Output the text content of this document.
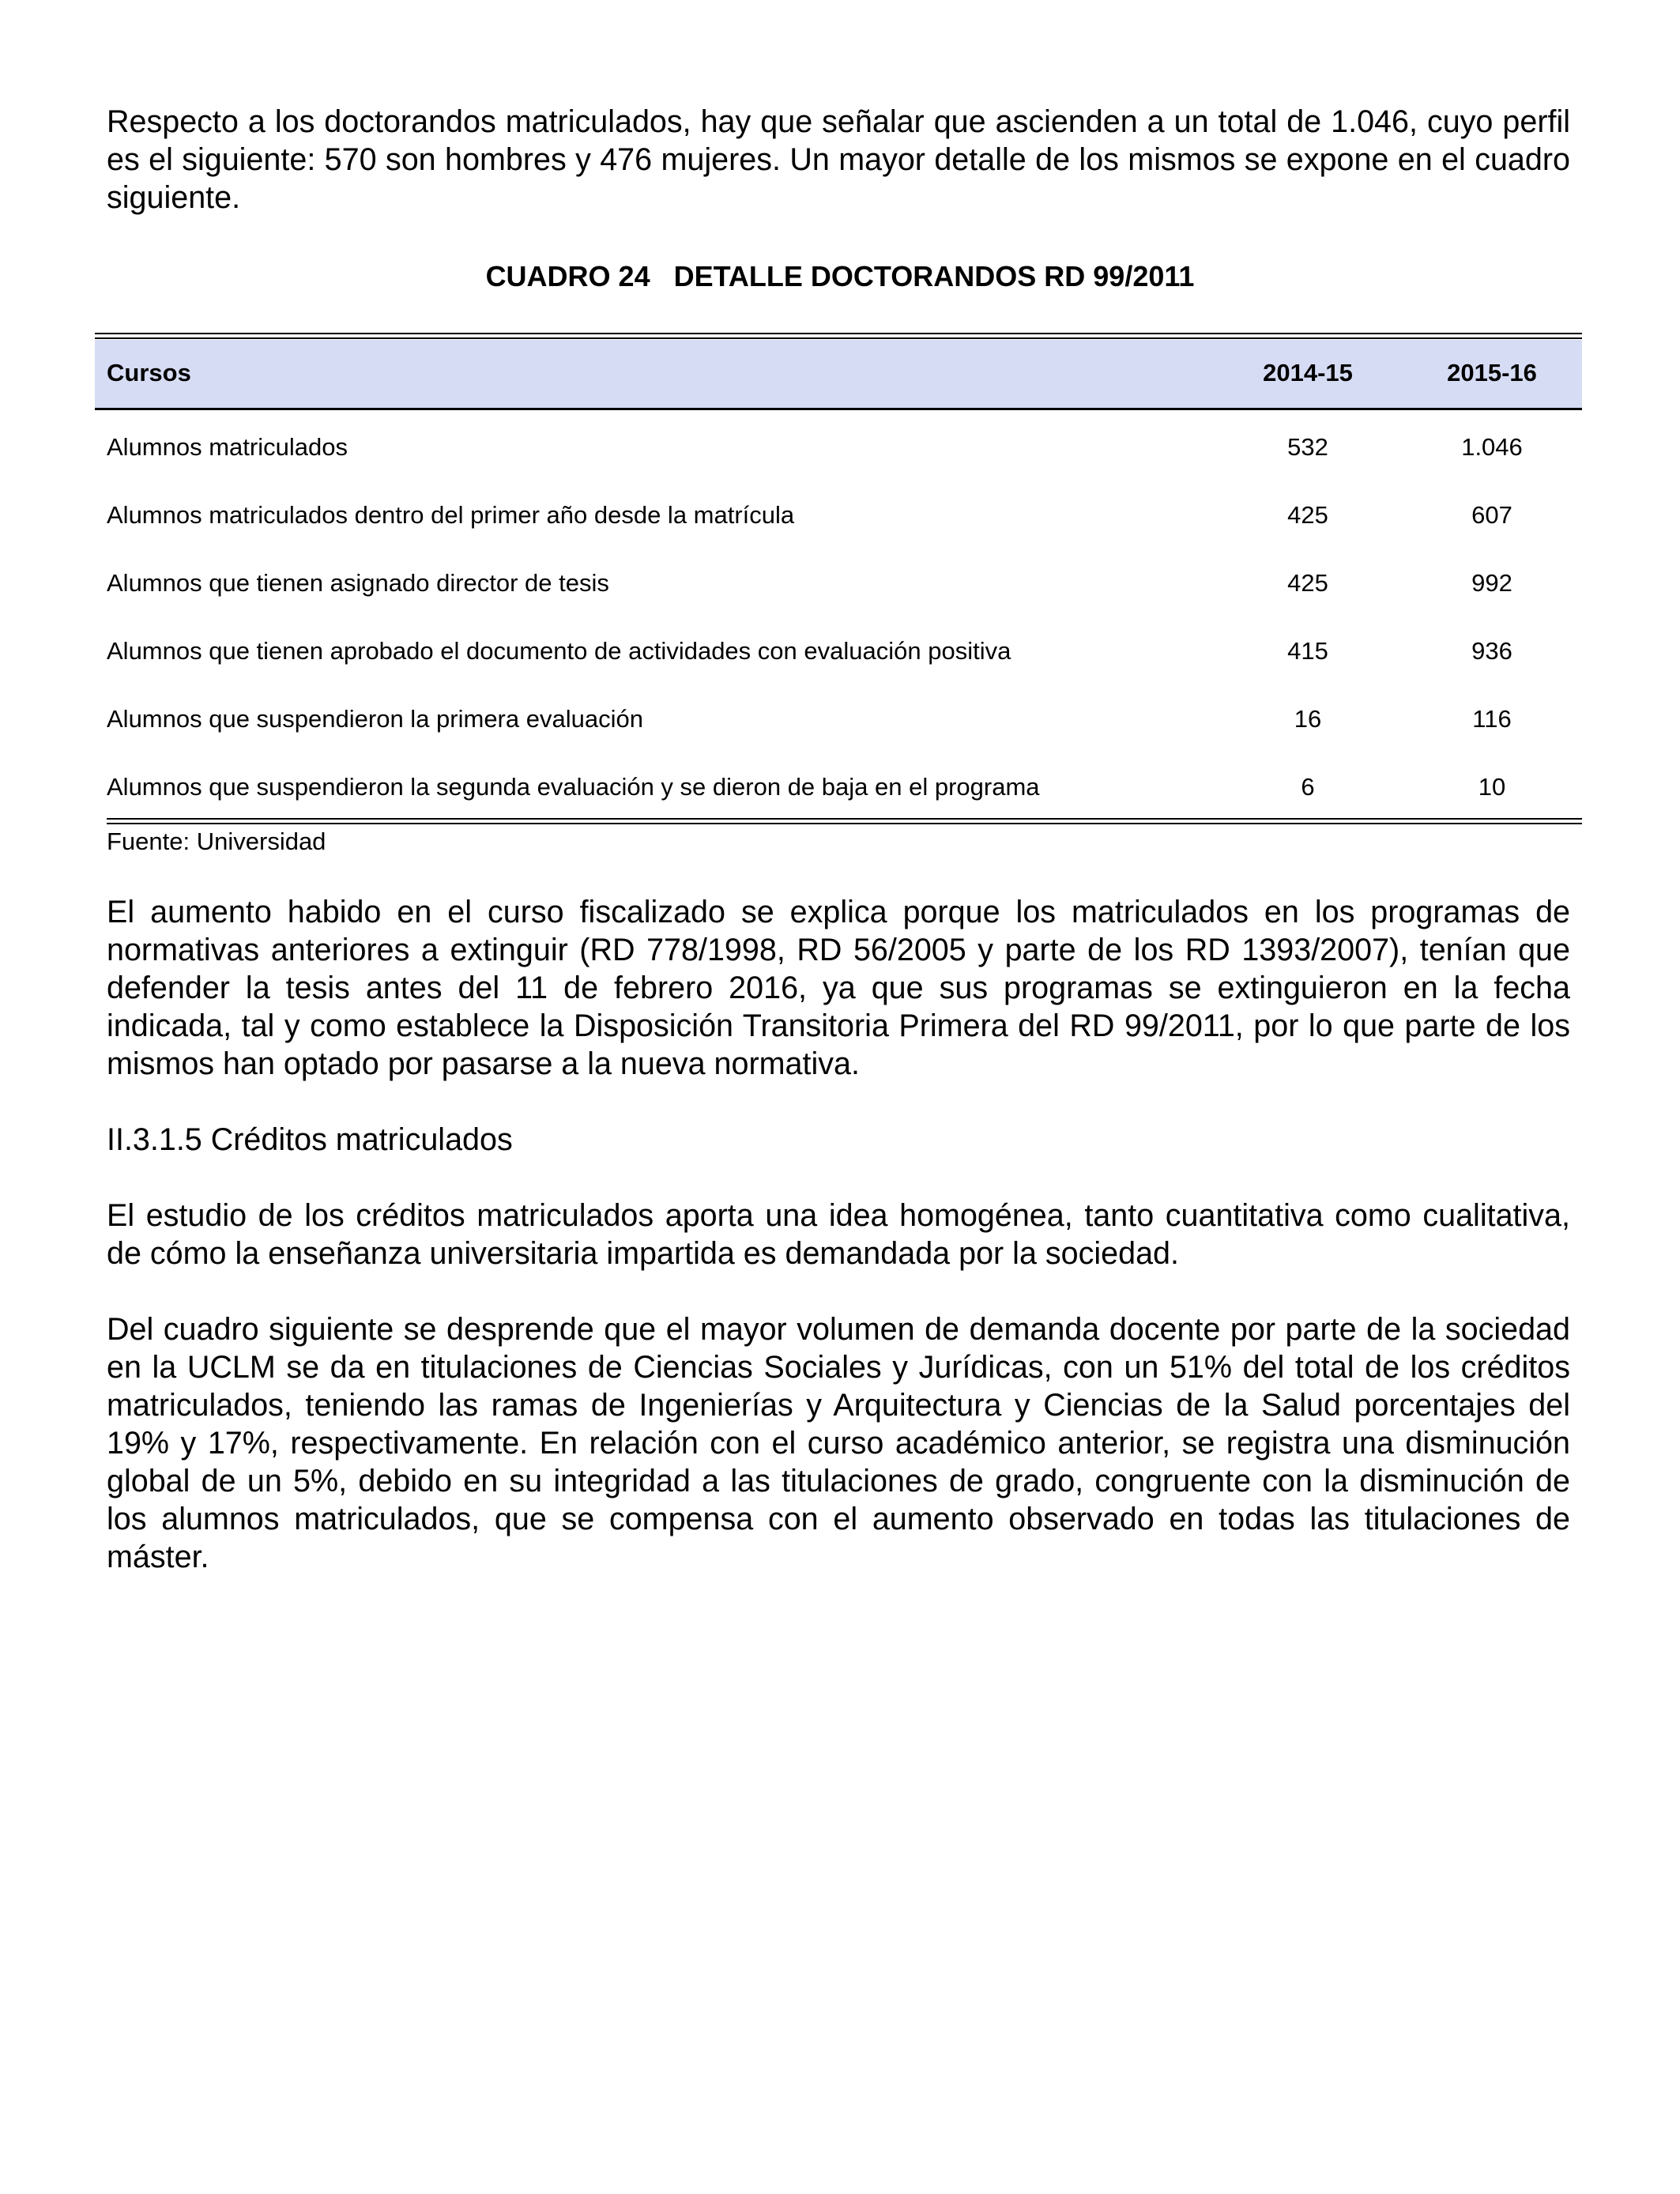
Respecto a los doctorandos matriculados, hay que señalar que ascienden a un total de 1.046, cuyo perfil es el siguiente: 570 son hombres y 476 mujeres. Un mayor detalle de los mismos se expone en el cuadro siguiente.

CUADRO 24   DETALLE DOCTORANDOS RD 99/2011

Cursos	2014-15	2015-16

Alumnos matriculados	532	1.046

Alumnos matriculados dentro del primer año desde la matrícula	425	607

Alumnos que tienen asignado director de tesis	425	992

Alumnos que tienen aprobado el documento de actividades con evaluación positiva	415	936

Alumnos que suspendieron la primera evaluación	16	116

Alumnos que suspendieron la segunda evaluación y se dieron de baja en el programa	6	10

Fuente: Universidad

El aumento habido en el curso fiscalizado se explica porque los matriculados en los programas de normativas anteriores a extinguir (RD 778/1998, RD 56/2005 y parte de los RD 1393/2007), tenían que defender la tesis antes del 11 de febrero 2016, ya que sus programas se extinguieron en la fecha indicada, tal y como establece la Disposición Transitoria Primera del RD 99/2011, por lo que parte de los mismos han optado por pasarse a la nueva normativa.

II.3.1.5 Créditos matriculados

El estudio de los créditos matriculados aporta una idea homogénea, tanto cuantitativa como cualitativa, de cómo la enseñanza universitaria impartida es demandada por la sociedad.

Del cuadro siguiente se desprende que el mayor volumen de demanda docente por parte de la sociedad en la UCLM se da en titulaciones de Ciencias Sociales y Jurídicas, con un 51% del total de los créditos matriculados, teniendo las ramas de Ingenierías y Arquitectura y Ciencias de la Salud porcentajes del 19% y 17%, respectivamente. En relación con el curso académico anterior, se registra una disminución global de un 5%, debido en su integridad a las titulaciones de grado, congruente con la disminución de los alumnos matriculados, que se compensa con el aumento observado en todas las titulaciones de máster.
